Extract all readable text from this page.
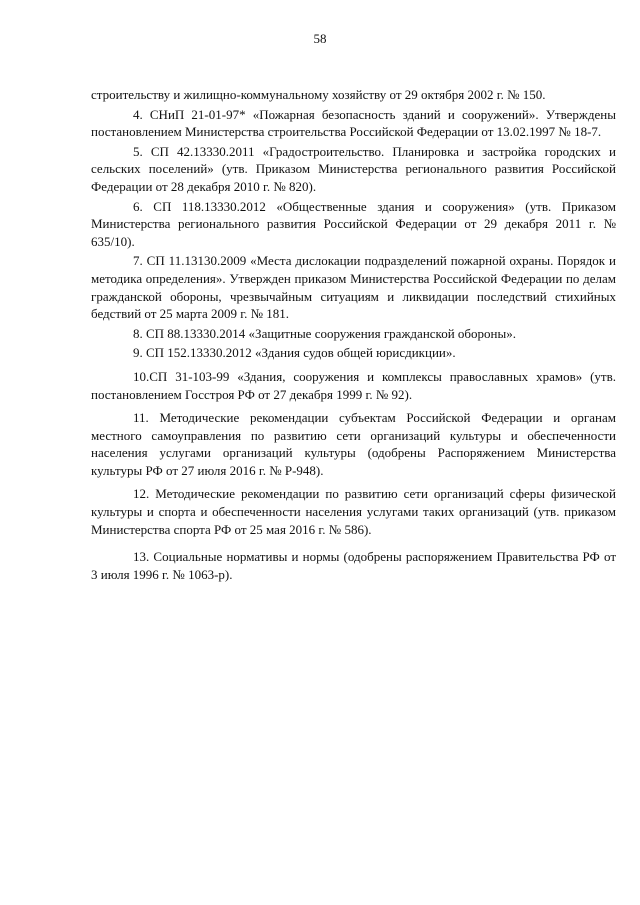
58

строительству и жилищно-коммунальному хозяйству от 29 октября 2002 г. № 150.

4. СНиП 21-01-97* «Пожарная безопасность зданий и сооружений». Утверждены постановлением Министерства строительства Российской Федерации от 13.02.1997 № 18-7.

5. СП 42.13330.2011 «Градостроительство. Планировка и застройка городских и сельских поселений» (утв. Приказом Министерства регионального развития Российской Федерации от 28 декабря 2010 г. № 820).

6. СП 118.13330.2012 «Общественные здания и сооружения» (утв. Приказом Министерства регионального развития Российской Федерации от 29 декабря 2011 г. № 635/10).

7. СП 11.13130.2009 «Места дислокации подразделений пожарной охраны. Порядок и методика определения». Утвержден приказом Министерства Российской Федерации по делам гражданской обороны, чрезвычайным ситуациям и ликвидации последствий стихийных бедствий от 25 марта 2009 г. № 181.

8. СП 88.13330.2014 «Защитные сооружения гражданской обороны».

9. СП 152.13330.2012 «Здания судов общей юрисдикции».

10.СП 31-103-99 «Здания, сооружения и комплексы православных храмов» (утв. постановлением Госстроя РФ от 27 декабря 1999 г. № 92).

11. Методические рекомендации субъектам Российской Федерации и органам местного самоуправления по развитию сети организаций культуры и обеспеченности населения услугами организаций культуры (одобрены Распоряжением Министерства культуры РФ от 27 июля 2016 г. № Р-948).

12. Методические рекомендации по развитию сети организаций сферы физической культуры и спорта и обеспеченности населения услугами таких организаций (утв. приказом Министерства спорта РФ от 25 мая 2016 г. № 586).

13. Социальные нормативы и нормы (одобрены распоряжением Правительства РФ от 3 июля 1996 г. № 1063-р).
